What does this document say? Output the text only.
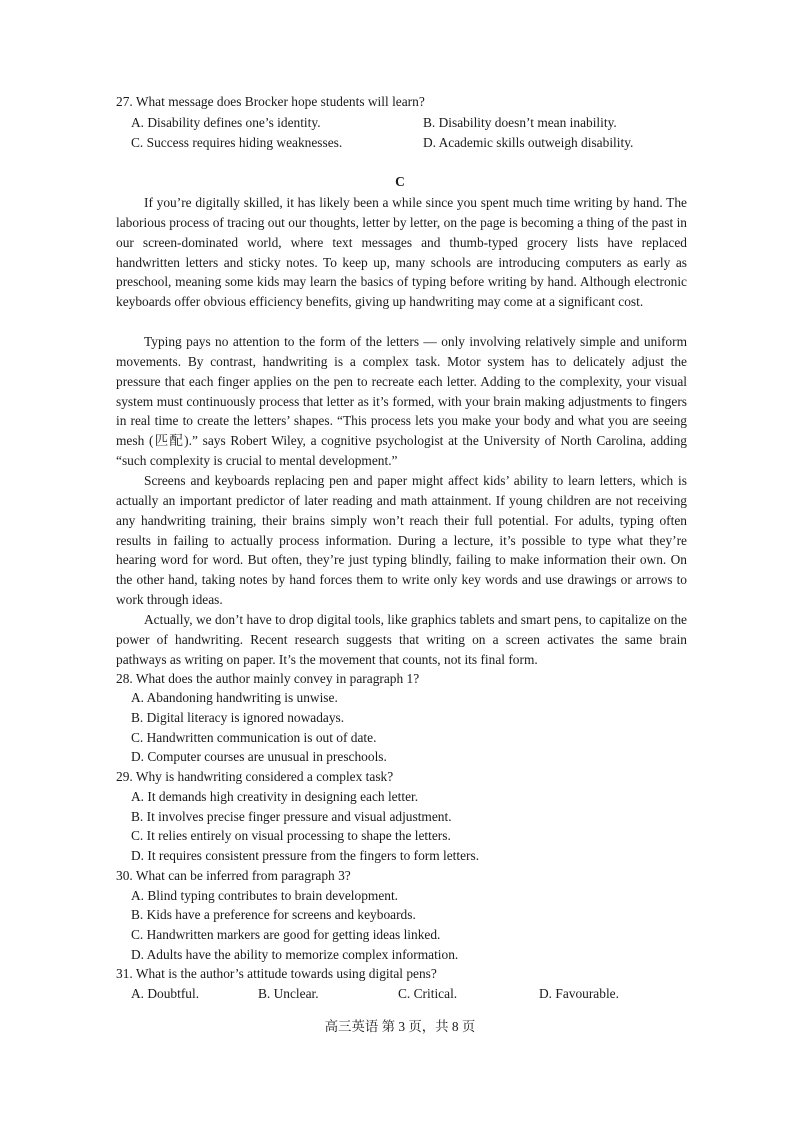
27. What message does Brocker hope students will learn?
A. Disability defines one’s identity.	B. Disability doesn’t mean inability.
C. Success requires hiding weaknesses.	D. Academic skills outweigh disability.
C
If you’re digitally skilled, it has likely been a while since you spent much time writing by hand. The laborious process of tracing out our thoughts, letter by letter, on the page is becoming a thing of the past in our screen-dominated world, where text messages and thumb-typed grocery lists have replaced handwritten letters and sticky notes. To keep up, many schools are introducing computers as early as preschool, meaning some kids may learn the basics of typing before writing by hand. Although electronic keyboards offer obvious efficiency benefits, giving up handwriting may come at a significant cost.
Typing pays no attention to the form of the letters — only involving relatively simple and uniform movements. By contrast, handwriting is a complex task. Motor system has to delicately adjust the pressure that each finger applies on the pen to recreate each letter. Adding to the complexity, your visual system must continuously process that letter as it’s formed, with your brain making adjustments to fingers in real time to create the letters’ shapes. “This process lets you make your body and what you are seeing mesh (匹配).” says Robert Wiley, a cognitive psychologist at the University of North Carolina, adding “such complexity is crucial to mental development.”
Screens and keyboards replacing pen and paper might affect kids’ ability to learn letters, which is actually an important predictor of later reading and math attainment. If young children are not receiving any handwriting training, their brains simply won’t reach their full potential. For adults, typing often results in failing to actually process information. During a lecture, it’s possible to type what they’re hearing word for word. But often, they’re just typing blindly, failing to make information their own. On the other hand, taking notes by hand forces them to write only key words and use drawings or arrows to work through ideas.
Actually, we don’t have to drop digital tools, like graphics tablets and smart pens, to capitalize on the power of handwriting. Recent research suggests that writing on a screen activates the same brain pathways as writing on paper. It’s the movement that counts, not its final form.
28. What does the author mainly convey in paragraph 1?
A. Abandoning handwriting is unwise.
B. Digital literacy is ignored nowadays.
C. Handwritten communication is out of date.
D. Computer courses are unusual in preschools.
29. Why is handwriting considered a complex task?
A. It demands high creativity in designing each letter.
B. It involves precise finger pressure and visual adjustment.
C. It relies entirely on visual processing to shape the letters.
D. It requires consistent pressure from the fingers to form letters.
30. What can be inferred from paragraph 3?
A. Blind typing contributes to brain development.
B. Kids have a preference for screens and keyboards.
C. Handwritten markers are good for getting ideas linked.
D. Adults have the ability to memorize complex information.
31. What is the author’s attitude towards using digital pens?
A. Doubtful.	B. Unclear.	C. Critical.	D. Favourable.
高三英语 第 3 页，共 8 页
